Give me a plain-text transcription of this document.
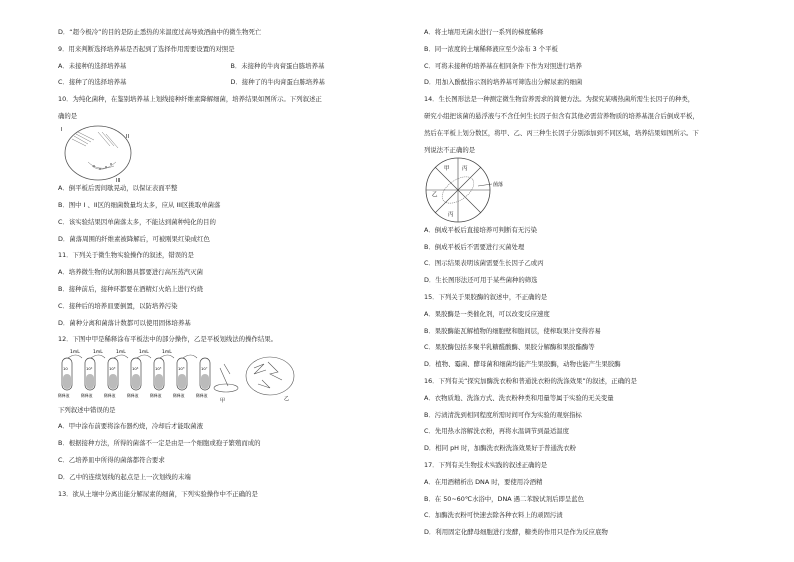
D．“超今极冷”的目的是防止悉热的米温度过高导致酒曲中的微生物死亡
9．用来判断选择培养基是否起到了选择作用需要设置的对照是
A．未接种的选择培养基	B．未接种的牛肉膏蛋白胨培养基
C．接种了的选择培养基	D．接种了的牛肉膏蛋白胨培养基
10．为纯化菌种，在鉴别培养基上划线接种纤维素降解细菌，培养结果如图所示。下列叙述正
确的是
I
II
III
A．倒平板后需间歇晃动，以保证表面平整
B．图中 I 、II区的细菌数量均太多，应从 III区挑取单菌落
C．该实验结果因单菌落太多，不能达到菌种纯化的目的
D．菌落周围的纤维素被降解后，可被刚果红染成红色
11．下列关于微生物实验操作的叙述，错误的是
A．培养微生物的试剂和器具都要进行高压蒸汽灭菌
B．接种前后，接种环都要在酒精灯火焰上进行灼烧
C．接种后的培养皿要倒置，以防培养污染
D．菌种分离和菌落计数都可以使用固体培养基
12．下图中甲是稀释涂布平板法中的部分操作，乙是平板划线法的操作结果。
1mL	1mL	1mL	1mL	1mL
10	10²	10³	10⁴	10⁵	10⁶	10⁷
稀释液	稀释液	稀释液	稀释液	稀释液	稀释液	稀释液
甲	乙
下列叙述中错误的是
A．甲中涂布前要将涂布器灼烧，冷却后才能取菌液
B．根据接种方法，所得的菌落不一定是由是一个细胞或孢子繁殖而成的
C．乙培养皿中所得的菌落都符合要求
D．乙中的连续划线的起点是上一次划线的末端
13．欲从土壤中分离出能分解尿素的细菌，下列实验操作中不正确的是
A．将土壤用无菌水进行一系列的梯度稀释
B．同一浓度的土壤稀释液应至少涂布 3 个平板
C．可将未接种的培养基在相同条件下作为对照进行培养
D．用加入酚酞指示剂的培养基可筛选出分解尿素的细菌
14．生长图形法是一种测定微生物营养需求的简便方法。为探究某嗜热菌所需生长因子的种类，
研究小组把该菌的悬浮液与不含任何生长因子但含有其他必需营养物质的培养基混合后倒成平板，
然后在平板上划分数区，将甲、乙、丙三种生长因子分别添加到不同区域，培养结果如图所示。下
列说法不正确的是
甲 丙
乙
丙
菌落
A．倒成平板后直接培养可判断有无污染
B．倒成平板后不需要进行灭菌处理
C．图示结果表明该菌需要生长因子乙或丙
D．生长图形法还可用于某些菌种的筛选
15．下列关于果胶酶的叙述中，不正确的是
A．果胶酶是一类催化剂，可以改变反应速度
B．果胶酶能瓦解植物的细胞壁和胞间层，使榨取果汁变得容易
C．果胶酶包括多聚半乳糖醛酸酶、果胶分解酶和果胶酯酶等
D．植物、霉菌、酵母菌和细菌均能产生果胶酶，动物也能产生果胶酶
16．下列有关“探究加酶洗衣粉和普通洗衣粉的洗涤效果”的叙述，正确的是
A．衣物质地、洗涤方式、洗衣粉种类和用量等属于实验的无关变量
B．污渍清洗到相同程度所需时间可作为实验的观察指标
C．先用热水溶解洗衣粉，再将水温调节到最适温度
D．相同 pH 时，加酶洗衣粉洗涤效果好于普通洗衣粉
17．下列有关生物技术实践的叙述正确的是
A．在用酒精析出 DNA 时，要使用冷酒精
B．在 50~60℃水浴中，DNA 遇二苯胺试剂后即呈蓝色
C．加酶洗衣粉可快速去除各种衣料上的顽固污渍
D．利用固定化酵母细胞进行发酵，糖类的作用只是作为反应底物
